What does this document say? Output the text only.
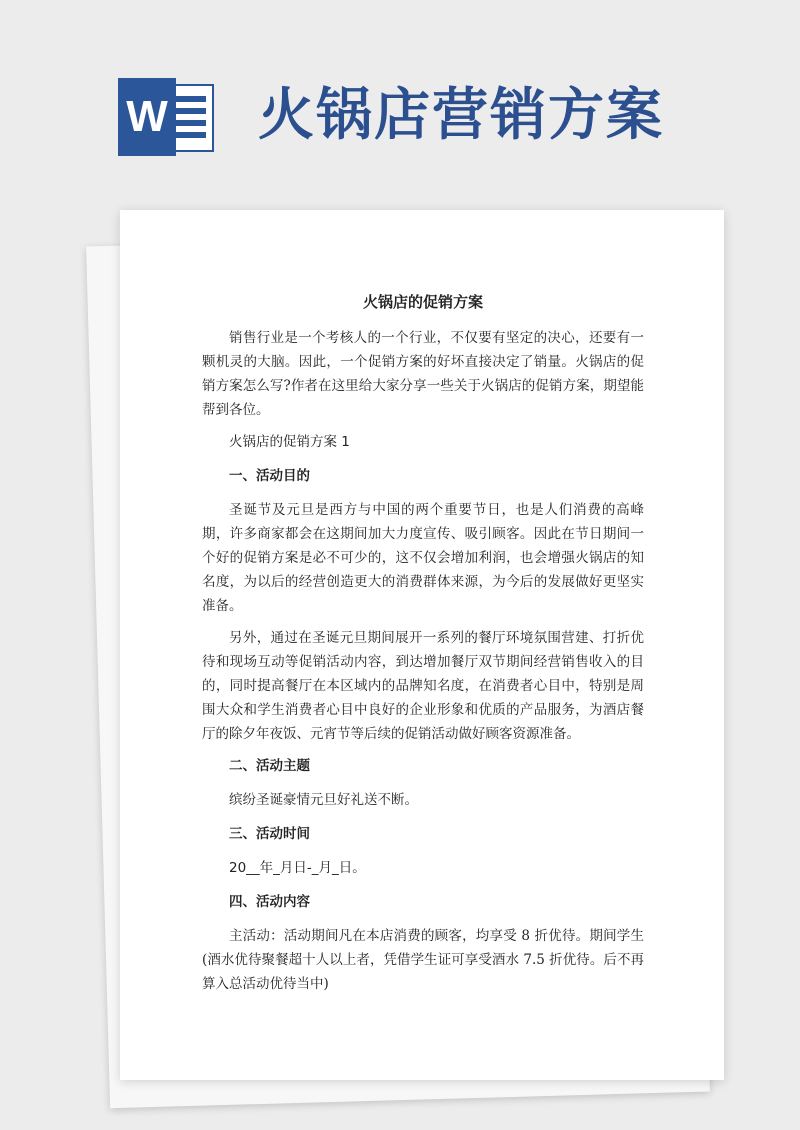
W 火锅店营销方案

火锅店的促销方案

销售行业是一个考核人的一个行业，不仅要有坚定的决心，还要有一颗机灵的大脑。因此，一个促销方案的好坏直接决定了销量。火锅店的促销方案怎么写?作者在这里给大家分享一些关于火锅店的促销方案，期望能帮到各位。

火锅店的促销方案 1

一、活动目的

圣诞节及元旦是西方与中国的两个重要节日，也是人们消费的高峰期，许多商家都会在这期间加大力度宣传、吸引顾客。因此在节日期间一个好的促销方案是必不可少的，这不仅会增加利润，也会增强火锅店的知名度，为以后的经营创造更大的消费群体来源，为今后的发展做好更坚实准备。

另外，通过在圣诞元旦期间展开一系列的餐厅环境氛围营建、打折优待和现场互动等促销活动内容，到达增加餐厅双节期间经营销售收入的目的，同时提高餐厅在本区域内的品牌知名度，在消费者心目中，特别是周围大众和学生消费者心目中良好的企业形象和优质的产品服务，为酒店餐厅的除夕年夜饭、元宵节等后续的促销活动做好顾客资源准备。

二、活动主题

缤纷圣诞豪情元旦好礼送不断。

三、活动时间

20__年_月日-_月_日。

四、活动内容

主活动：活动期间凡在本店消费的顾客，均享受 8 折优待。期间学生(酒水优待聚餐超十人以上者，凭借学生证可享受酒水 7.5 折优待。后不再算入总活动优待当中)
